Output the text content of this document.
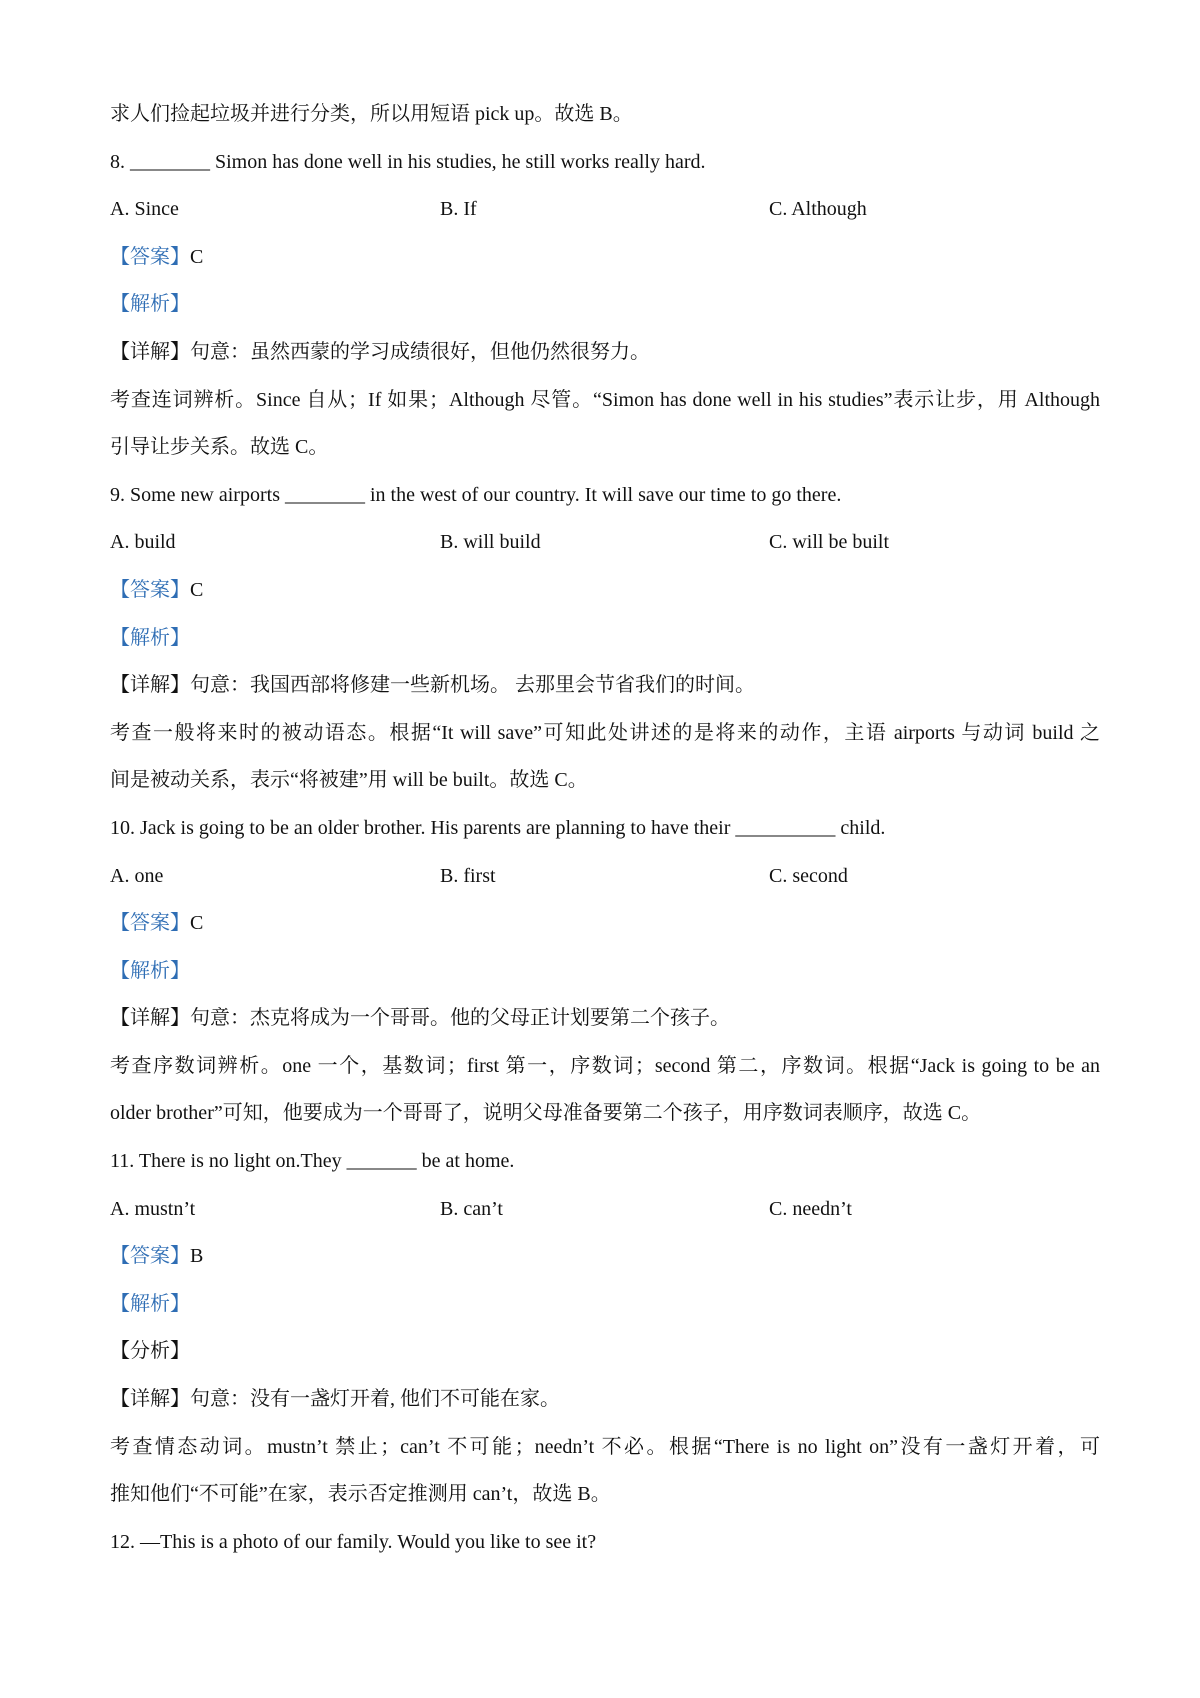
求人们捡起垃圾并进行分类，所以用短语 pick up。故选 B。
8. ________ Simon has done well in his studies, he still works really hard.
A. Since	B. If	C. Although
【答案】C
【解析】
【详解】句意：虽然西蒙的学习成绩很好，但他仍然很努力。
考查连词辨析。Since 自从；If 如果；Although 尽管。“Simon has done well in his studies”表示让步，用 Although
引导让步关系。故选 C。
9. Some new airports ________ in the west of our country. It will save our time to go there.
A. build	B. will build	C. will be built
【答案】C
【解析】
【详解】句意：我国西部将修建一些新机场。 去那里会节省我们的时间。
考查一般将来时的被动语态。根据“It will save”可知此处讲述的是将来的动作，主语 airports 与动词 build 之
间是被动关系，表示“将被建”用 will be built。故选 C。
10. Jack is going to be an older brother. His parents are planning to have their __________ child.
A. one	B. first	C. second
【答案】C
【解析】
【详解】句意：杰克将成为一个哥哥。他的父母正计划要第二个孩子。
考查序数词辨析。one 一个，基数词；first 第一，序数词；second 第二，序数词。根据“Jack is going to be an
older brother”可知，他要成为一个哥哥了，说明父母准备要第二个孩子，用序数词表顺序，故选 C。
11. There is no light on.They _______ be at home.
A. mustn’t	B. can’t	C. needn’t
【答案】B
【解析】
【分析】
【详解】句意：没有一盏灯开着, 他们不可能在家。
考查情态动词。mustn’t 禁止；can’t 不可能；needn’t 不必。根据“There is no light on”没有一盏灯开着，可
推知他们“不可能”在家，表示否定推测用 can’t，故选 B。
12. —This is a photo of our family. Would you like to see it?
